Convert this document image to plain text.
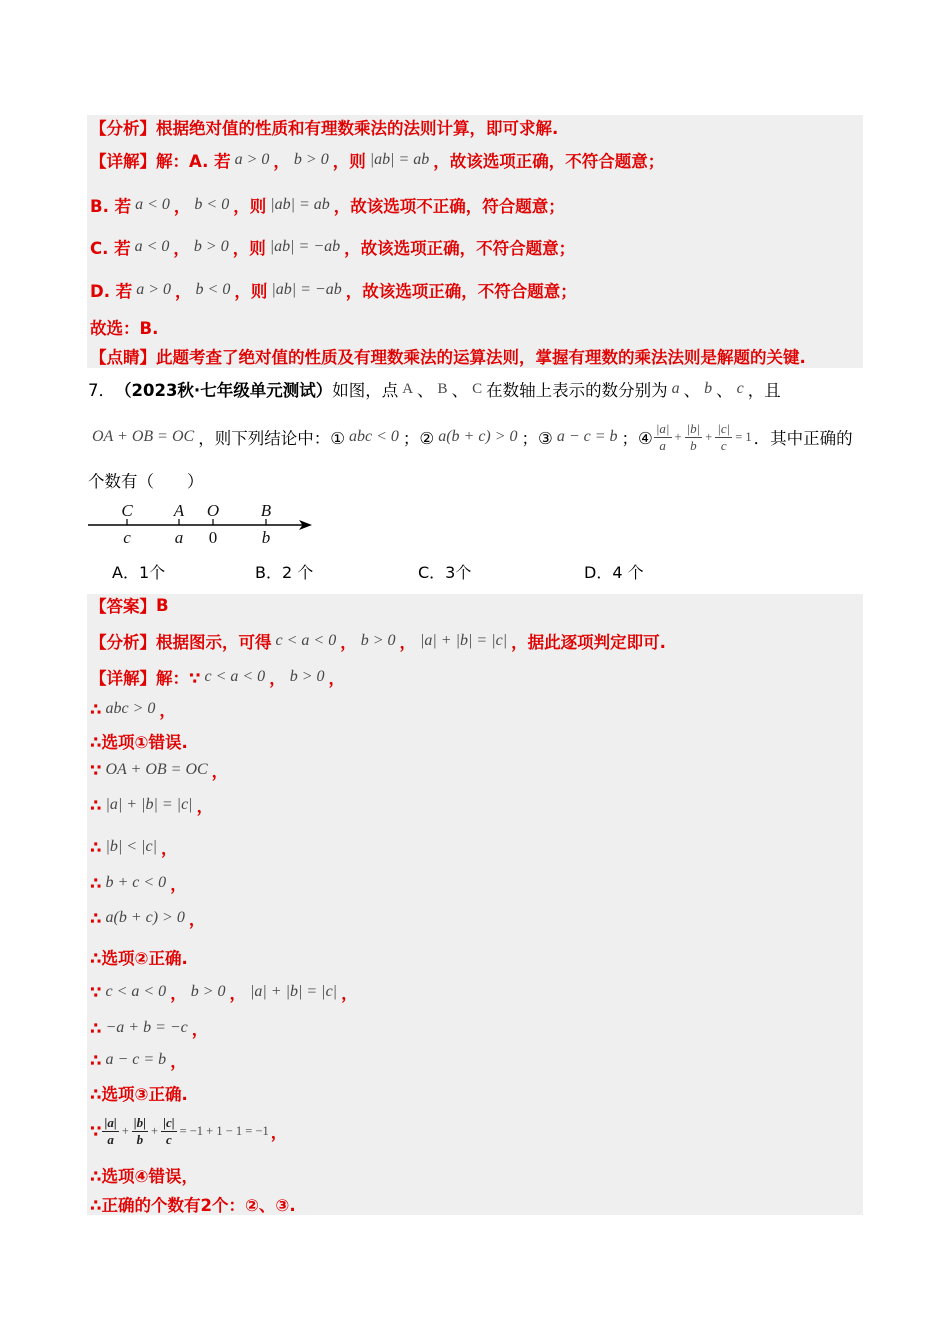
【分析】 根据绝对值的性质和有理数乘法的法则计算，即可求解.
【详解】 解：A. 若 a > 0 ， b > 0 ，则 |ab| = ab ，故该选项正确，不符合题意；
B. 若 a < 0 ， b < 0 ，则 |ab| = ab ，故该选项不正确，符合题意；
C. 若 a < 0 ， b > 0 ，则 |ab| = −ab ，故该选项正确，不符合题意；
D. 若 a > 0 ， b < 0 ，则 |ab| = −ab ，故该选项正确，不符合题意；
故选：B.
【点睛】 此题考查了绝对值的性质及有理数乘法的运算法则，掌握有理数的乘法法则是解题的关键.
7． （2023秋·七年级单元测试） 如图，点 A 、 B 、 C 在数轴上表示的数分别为 a 、 b 、 c ，且
OA + OB = OC ，则下列结论中：① abc < 0 ；② a(b + c) > 0 ；③ a − c = b ；④ $\frac{|a|}{a} + \frac{|b|}{b} + \frac{|c|}{c} = 1$ ．其中正确的
个数有（　　）
C A O B
c	a 0	b
A．1个	B．2 个	C．3个	D．4 个
【答案】 B
【分析】 根据图示，可得 c < a < 0 ， b > 0 ， |a| + |b| = |c| ，据此逐项判定即可.
【详解】 解：∵ c < a < 0 ， b > 0 ，
∴ abc > 0 ，
∴选项①错误.
∵ OA + OB = OC ，
∴ |a| + |b| = |c| ，
∴ |b| < |c| ，
∴ b + c < 0 ，
∴ a(b + c) > 0 ，
∴选项②正确.
∵ c < a < 0 ， b > 0 ， |a| + |b| = |c| ，
∴ −a + b = −c ，
∴ a − c = b ，
∴选项③正确.
∵ $\frac{|a|}{a} + \frac{|b|}{b} + \frac{|c|}{c} = -1 + 1 - 1 = -1$ ，
∴选项④错误，
∴正确的个数有2个：②、③.
